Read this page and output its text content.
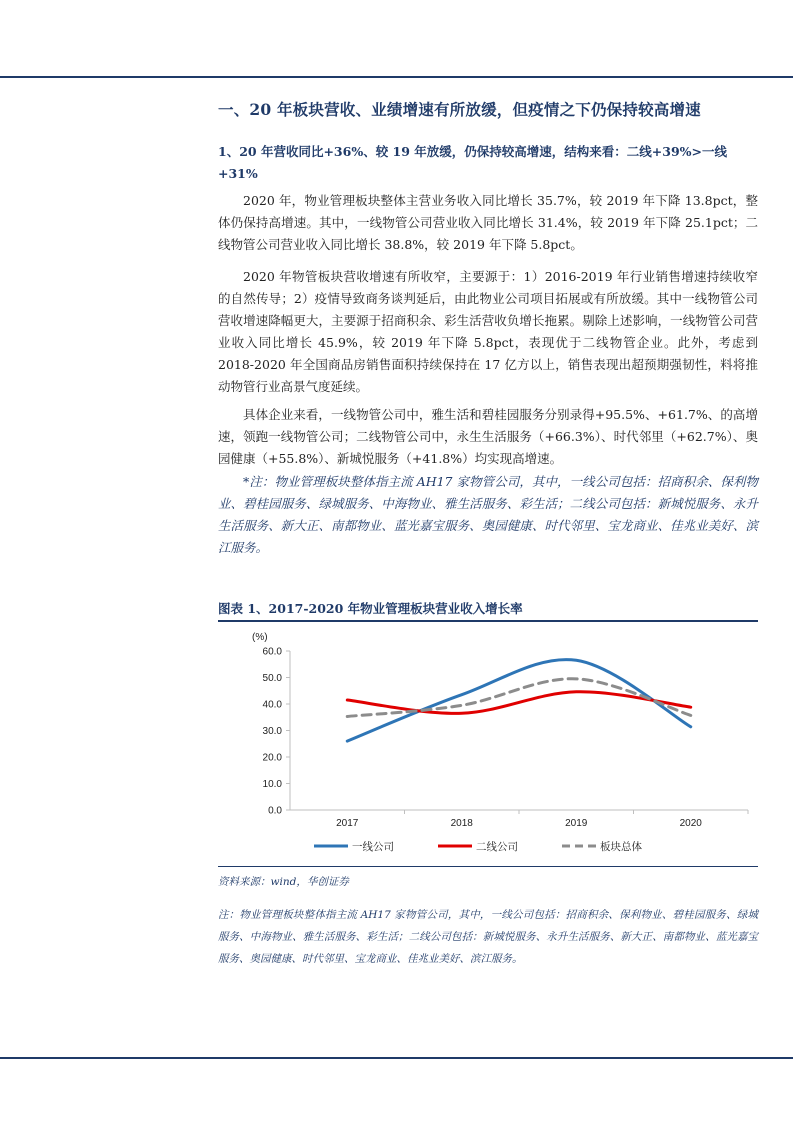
一、20 年板块营收、业绩增速有所放缓，但疫情之下仍保持较高增速
1、20 年营收同比+36%、较 19 年放缓，仍保持较高增速，结构来看：二线+39%>一线+31%
2020 年，物业管理板块整体主营业务收入同比增长 35.7%，较 2019 年下降 13.8pct，整体仍保持高增速。其中，一线物管公司营业收入同比增长 31.4%，较 2019 年下降 25.1pct；二线物管公司营业收入同比增长 38.8%，较 2019 年下降 5.8pct。
2020 年物管板块营收增速有所收窄，主要源于：1）2016-2019 年行业销售增速持续收窄的自然传导；2）疫情导致商务谈判延后，由此物业公司项目拓展或有所放缓。其中一线物管公司营收增速降幅更大，主要源于招商积余、彩生活营收负增长拖累。剔除上述影响，一线物管公司营业收入同比增长 45.9%，较 2019 年下降 5.8pct，表现优于二线物管企业。此外，考虑到 2018-2020 年全国商品房销售面积持续保持在 17 亿方以上，销售表现出超预期强韧性，料将推动物管行业高景气度延续。
具体企业来看，一线物管公司中，雅生活和碧桂园服务分别录得+95.5%、+61.7%、的高增速，领跑一线物管公司；二线物管公司中，永生生活服务（+66.3%）、时代邻里（+62.7%）、奥园健康（+55.8%）、新城悦服务（+41.8%）均实现高增速。
*注：物业管理板块整体指主流 AH17 家物管公司，其中，一线公司包括：招商积余、保利物业、碧桂园服务、绿城服务、中海物业、雅生活服务、彩生活；二线公司包括：新城悦服务、永升生活服务、新大正、南都物业、蓝光嘉宝服务、奥园健康、时代邻里、宝龙商业、佳兆业美好、滨江服务。
图表 1、2017-2020 年物业管理板块营业收入增长率
(%)
0.0
10.0
20.0
30.0
40.0
50.0
60.0
2017	2018	2019	2020
一线公司	二线公司	板块总体
资料来源：wind，华创证券
注：物业管理板块整体指主流 AH17 家物管公司，其中，一线公司包括：招商积余、保利物业、碧桂园服务、绿城服务、中海物业、雅生活服务、彩生活；二线公司包括：新城悦服务、永升生活服务、新大正、南都物业、蓝光嘉宝服务、奥园健康、时代邻里、宝龙商业、佳兆业美好、滨江服务。
